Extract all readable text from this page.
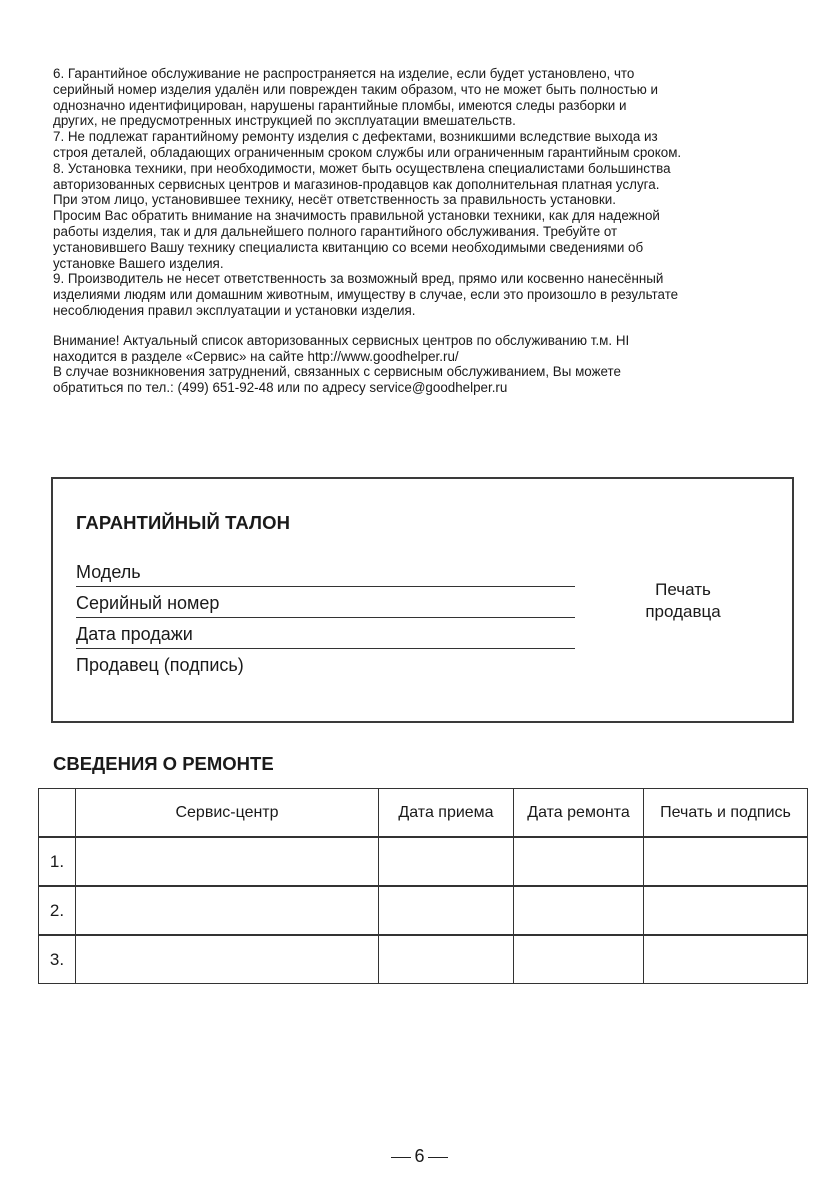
6. Гарантийное обслуживание не распространяется на изделие, если будет установлено, что
серийный номер изделия удалён или поврежден таким образом, что не может быть полностью и
однозначно идентифицирован, нарушены гарантийные пломбы, имеются следы разборки и
других, не предусмотренных инструкцией по эксплуатации вмешательств.
7. Не подлежат гарантийному ремонту изделия с дефектами, возникшими вследствие выхода из
строя деталей, обладающих ограниченным сроком службы или ограниченным гарантийным сроком.
8. Установка техники, при необходимости, может быть осуществлена специалистами большинства
авторизованных сервисных центров и магазинов-продавцов как дополнительная платная услуга.
При этом лицо, установившее технику, несёт ответственность за правильность установки.
Просим Вас обратить внимание на значимость правильной установки техники, как для надежной
работы изделия, так и для дальнейшего полного гарантийного обслуживания. Требуйте от
установившего Вашу технику специалиста квитанцию со всеми необходимыми сведениями об
установке Вашего изделия.
9. Производитель не несет ответственность за возможный вред, прямо или косвенно нанесённый
изделиями людям или домашним животным, имуществу в случае, если это произошло в результате
несоблюдения правил эксплуатации и установки изделия.
Внимание! Актуальный список авторизованных сервисных центров по обслуживанию т.м. HI
находится в разделе «Сервис» на сайте http://www.goodhelper.ru/
В случае возникновения затруднений, связанных с сервисным обслуживанием, Вы можете
обратиться по тел.: (499) 651-92-48 или по адресу service@goodhelper.ru
ГАРАНТИЙНЫЙ ТАЛОН
Модель
Серийный номер
Дата продажи
Продавец (подпись)
Печать
продавца
СВЕДЕНИЯ О РЕМОНТЕ
	Сервис-центр	Дата приема	Дата ремонта	Печать и подпись
1.				
2.				
3.				
6
